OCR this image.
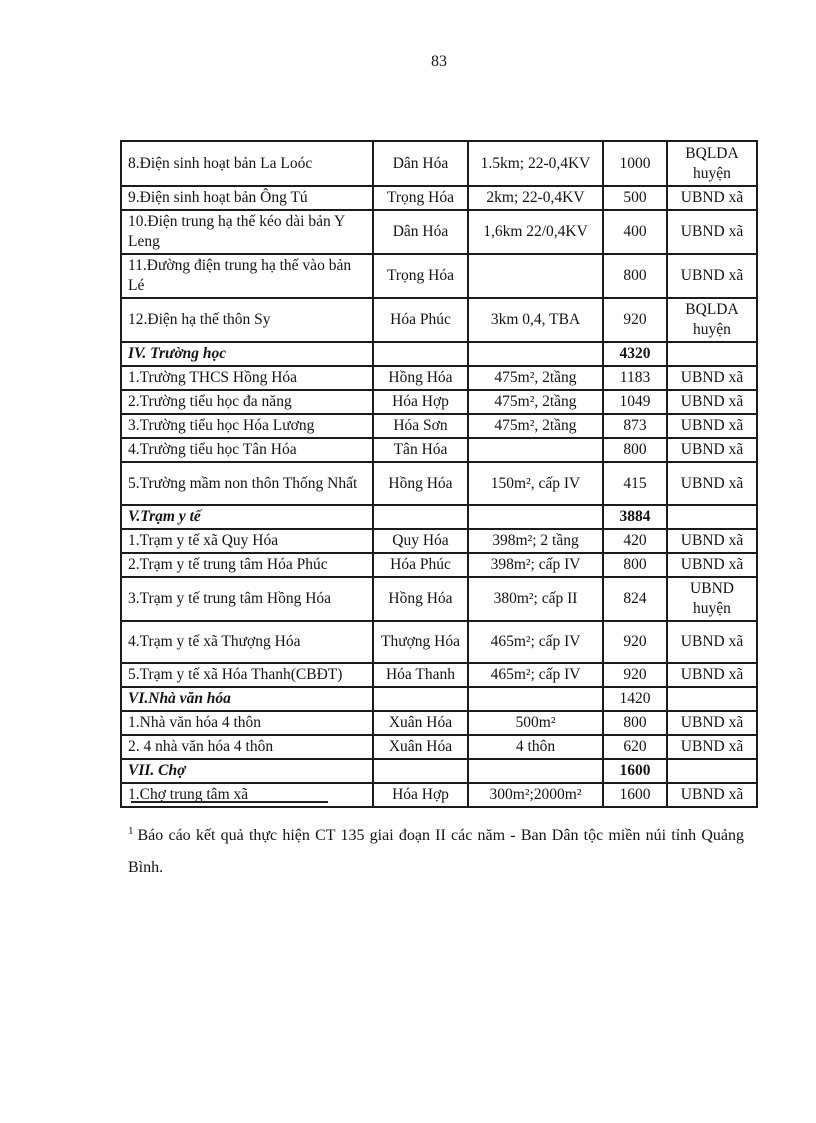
83
8.Điện sinh hoạt bản La Loóc	Dân Hóa	1.5km; 22-0,4KV	1000	BQLDA huyện
9.Điện sinh hoạt bản Ông Tú	Trọng Hóa	2km; 22-0,4KV	500	UBND xã
10.Điện trung hạ thế kéo dài bản Y Leng	Dân Hóa	1,6km 22/0,4KV	400	UBND xã
11.Đường điện trung hạ thế vào bản Lé	Trọng Hóa		800	UBND xã
12.Điện hạ thế thôn Sy	Hóa Phúc	3km 0,4, TBA	920	BQLDA huyện
IV. Trường học			4320	
1.Trường THCS Hồng Hóa	Hồng Hóa	475m², 2tầng	1183	UBND xã
2.Trường tiểu học đa năng	Hóa Hợp	475m², 2tầng	1049	UBND xã
3.Trường tiểu học Hóa Lương	Hóa Sơn	475m², 2tầng	873	UBND xã
4.Trường tiểu học Tân Hóa	Tân Hóa		800	UBND xã
5.Trường mầm non thôn Thống Nhất	Hồng Hóa	150m², cấp IV	415	UBND xã
V.Trạm y tế			3884	
1.Trạm y tế xã Quy Hóa	Quy Hóa	398m²; 2 tầng	420	UBND xã
2.Trạm y tế trung tâm Hóa Phúc	Hóa Phúc	398m²; cấp IV	800	UBND xã
3.Trạm y tế trung tâm Hồng Hóa	Hồng Hóa	380m²; cấp II	824	UBND huyện
4.Trạm y tế xã Thượng Hóa	Thượng Hóa	465m²; cấp IV	920	UBND xã
5.Trạm y tế xã Hóa Thanh(CBĐT)	Hóa Thanh	465m²; cấp IV	920	UBND xã
VI.Nhà văn hóa			1420	
1.Nhà văn hóa 4 thôn	Xuân Hóa	500m²	800	UBND xã
2. 4 nhà văn hóa 4 thôn	Xuân Hóa	4 thôn	620	UBND xã
VII. Chợ			1600	
1.Chợ trung tâm xã	Hóa Hợp	300m²;2000m²	1600	UBND xã

$^1$ Báo cáo kết quả thực hiện CT 135 giai đoạn II các năm - Ban Dân tộc miền núi tỉnh Quảng Bình.
